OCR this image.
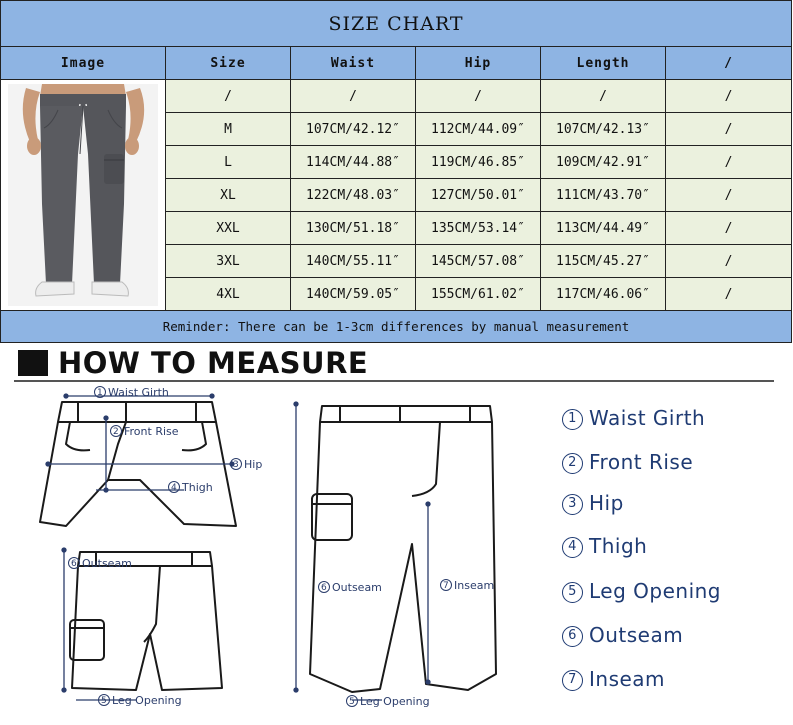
SIZE CHART					
Image	Size	Waist	Hip	Length	/

	/	/	/	/	/
	M	107CM/42.12″	112CM/44.09″	107CM/42.13″	/
	L	114CM/44.88″	119CM/46.85″	109CM/42.91″	/
	XL	122CM/48.03″	127CM/50.01″	111CM/43.70″	/
	XXL	130CM/51.18″	135CM/53.14″	113CM/44.49″	/
	3XL	140CM/55.11″	145CM/57.08″	115CM/45.27″	/
	4XL	140CM/59.05″	155CM/61.02″	117CM/46.06″	/
Reminder: There can be 1-3cm differences by manual measurement					
HOW TO MEASURE
1 Waist Girth
2 Front Rise
3 Hip
4 Thigh
6 Outseam
5 Leg Opening
6 Outseam	7 Inseam
5 Leg Opening
1 Waist Girth
2 Front Rise
3 Hip
4 Thigh
5 Leg Opening
6 Outseam
7 Inseam
